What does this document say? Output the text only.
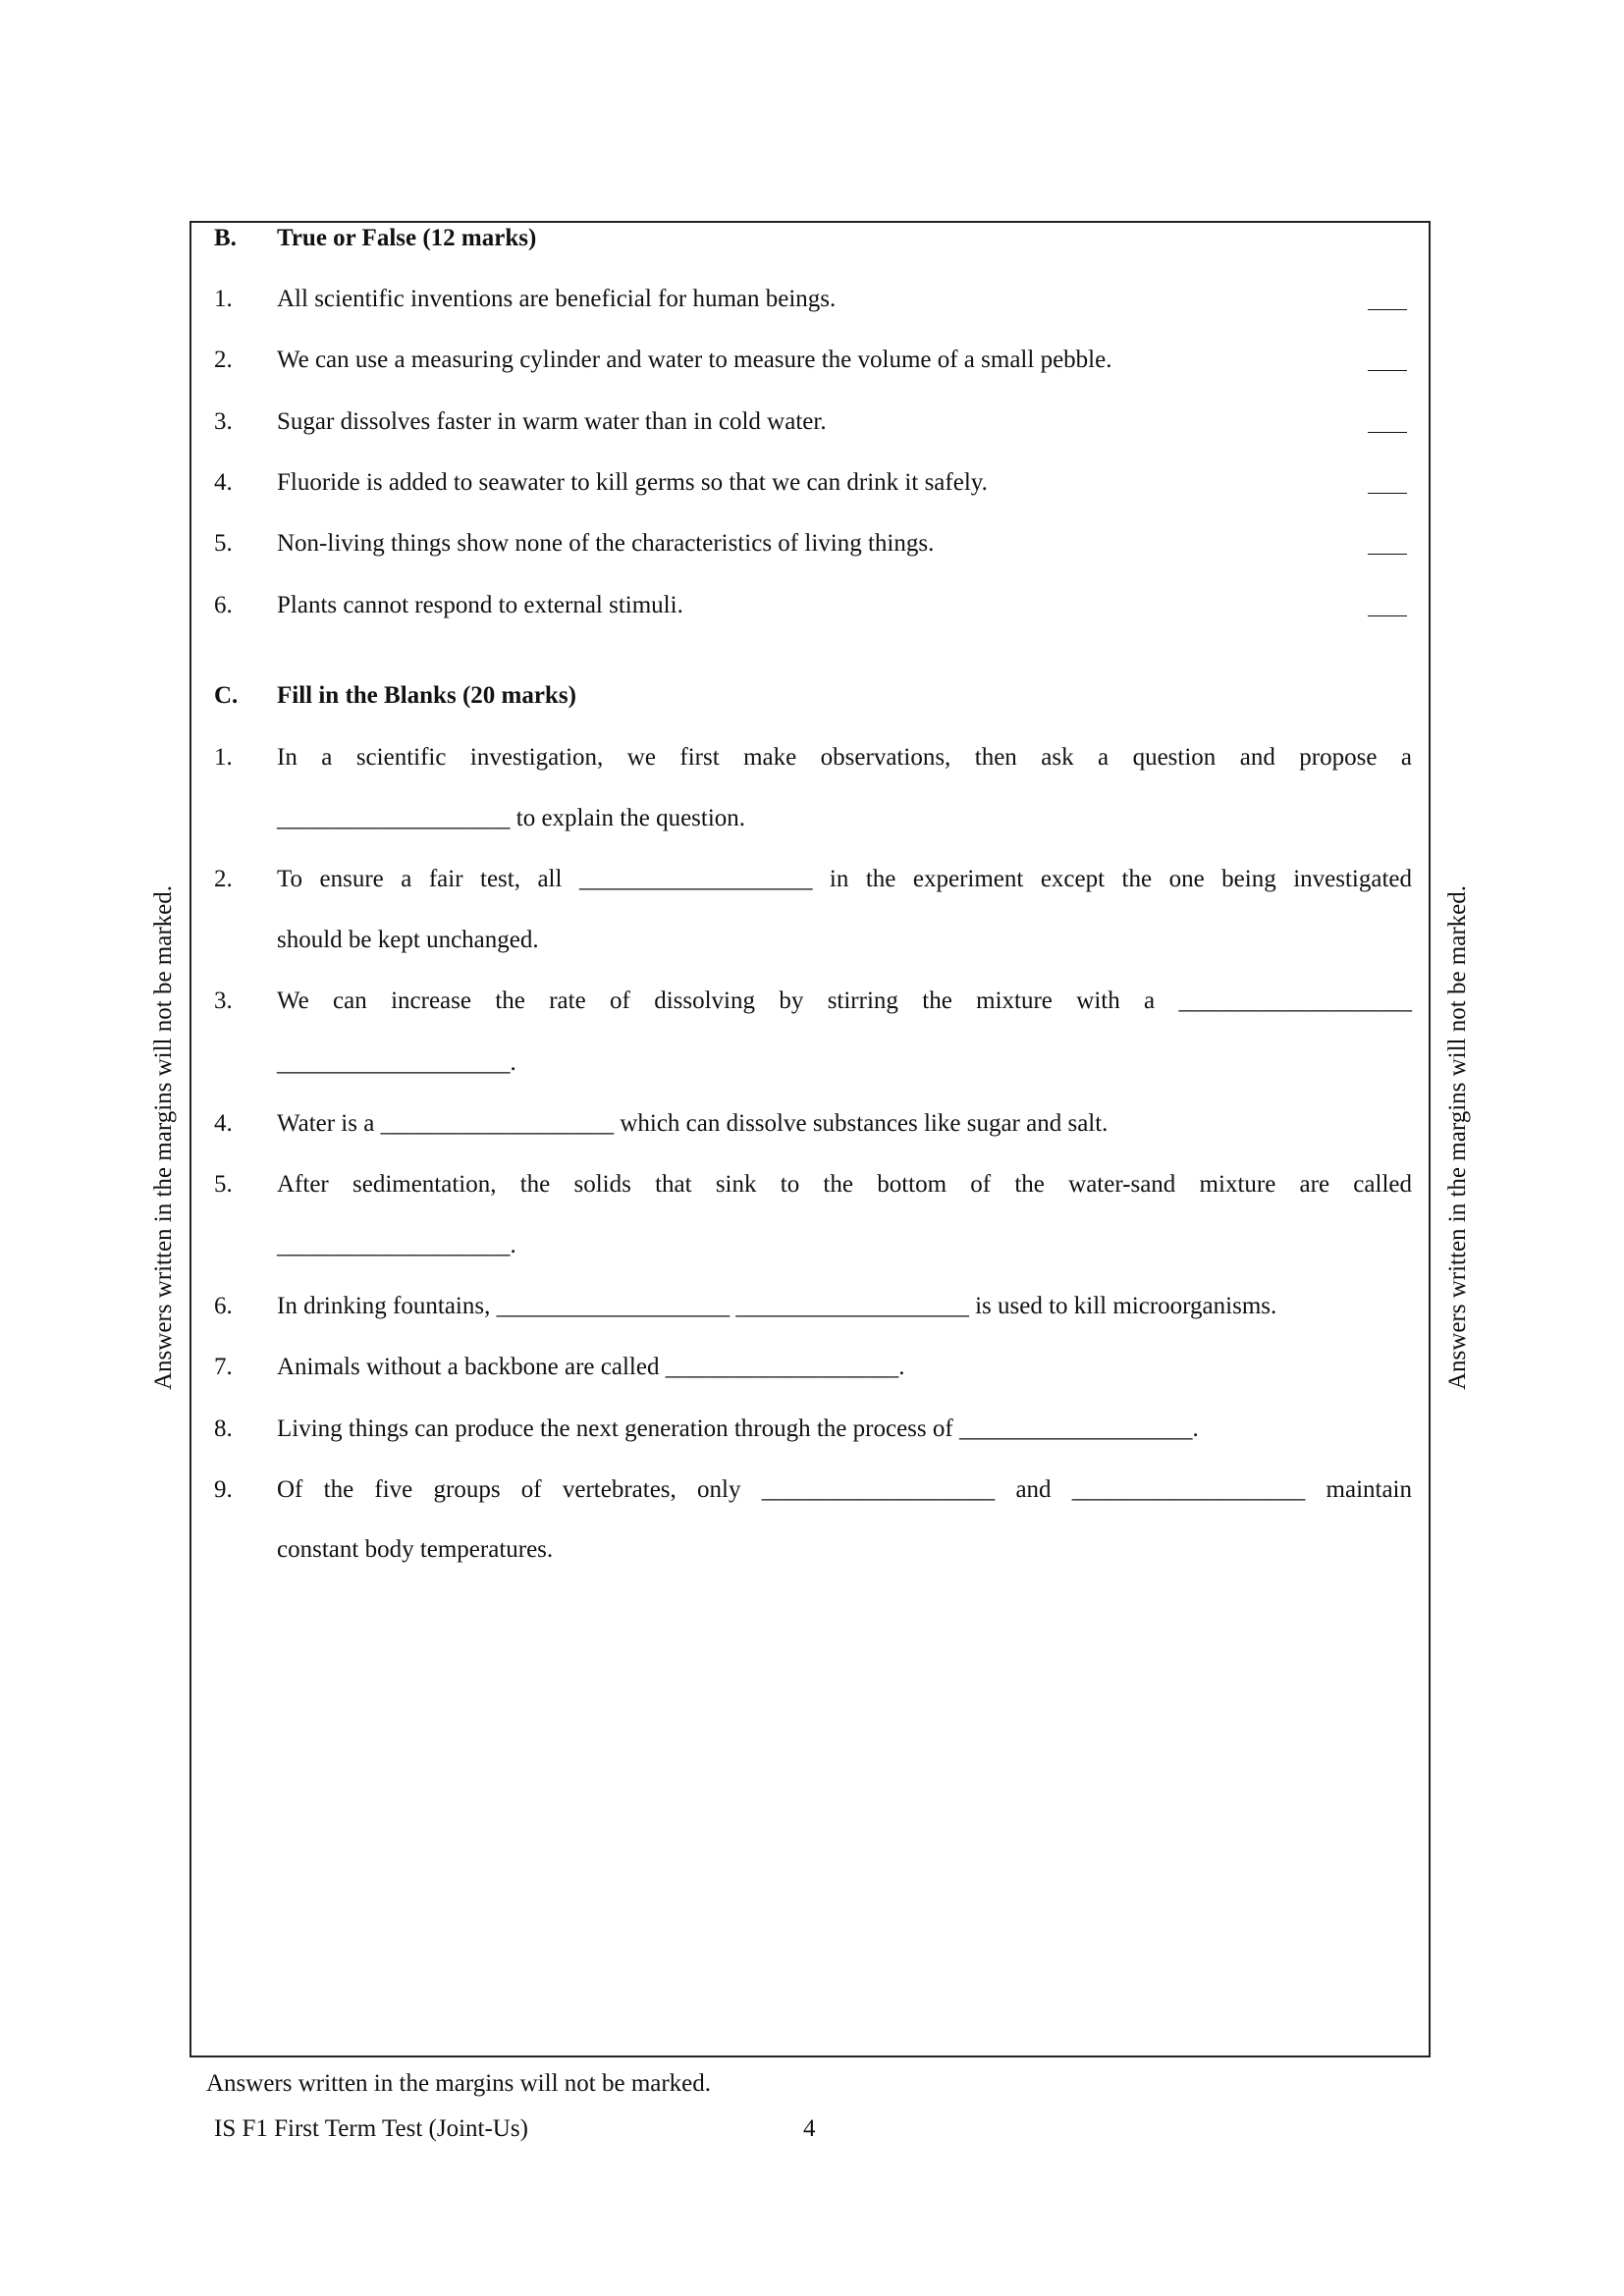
Answers written in the margins will not be marked.	Answers written in the margins will not be marked.
B. True or False (12 marks)
1. All scientific inventions are beneficial for human beings.
2. We can use a measuring cylinder and water to measure the volume of a small pebble.
3. Sugar dissolves faster in warm water than in cold water.
4. Fluoride is added to seawater to kill germs so that we can drink it safely.
5. Non-living things show none of the characteristics of living things.
6. Plants cannot respond to external stimuli.
C. Fill in the Blanks (20 marks)
1. In a scientific investigation, we first make observations, then ask a question and propose a
___________________ to explain the question.
2. To ensure a fair test, all ___________________ in the experiment except the one being investigated
should be kept unchanged.
3. We can increase the rate of dissolving by stirring the mixture with a ___________________
___________________.
4. Water is a ___________________ which can dissolve substances like sugar and salt.
5. After sedimentation, the solids that sink to the bottom of the water-sand mixture are called
___________________.
6. In drinking fountains, ___________________ ___________________ is used to kill microorganisms.
7. Animals without a backbone are called ___________________.
8. Living things can produce the next generation through the process of ___________________.
9. Of the five groups of vertebrates, only ___________________ and ___________________ maintain
constant body temperatures.
Answers written in the margins will not be marked.
IS F1 First Term Test (Joint-Us)	4
